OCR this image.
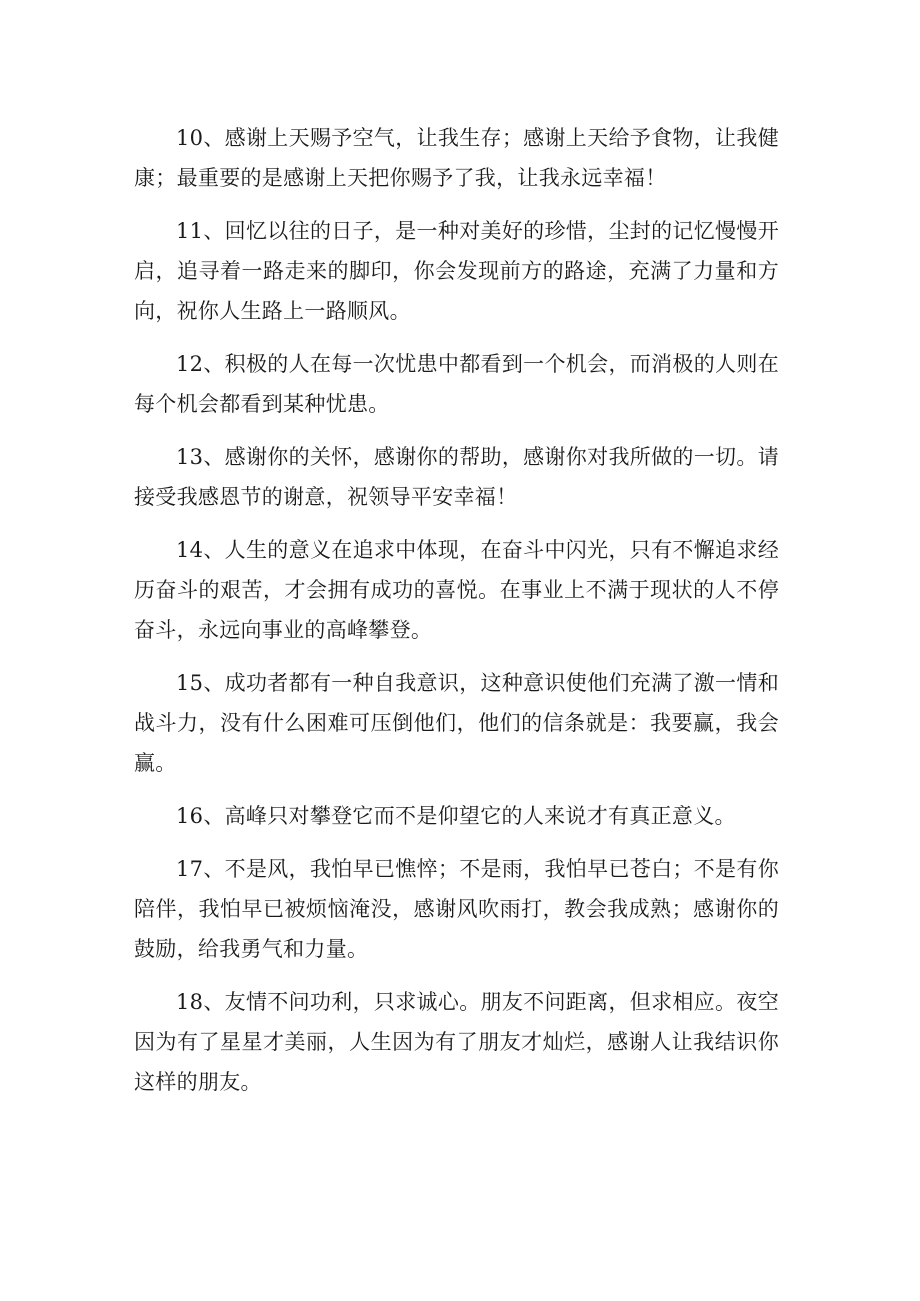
10、感谢上天赐予空气，让我生存；感谢上天给予食物，让我健康；最重要的是感谢上天把你赐予了我，让我永远幸福！

11、回忆以往的日子，是一种对美好的珍惜，尘封的记忆慢慢开启，追寻着一路走来的脚印，你会发现前方的路途，充满了力量和方向，祝你人生路上一路顺风。

12、积极的人在每一次忧患中都看到一个机会，而消极的人则在每个机会都看到某种忧患。

13、感谢你的关怀，感谢你的帮助，感谢你对我所做的一切。请接受我感恩节的谢意，祝领导平安幸福！

14、人生的意义在追求中体现，在奋斗中闪光，只有不懈追求经历奋斗的艰苦，才会拥有成功的喜悦。在事业上不满于现状的人不停奋斗，永远向事业的高峰攀登。

15、成功者都有一种自我意识，这种意识使他们充满了激一情和战斗力，没有什么困难可压倒他们，他们的信条就是：我要赢，我会赢。

16、高峰只对攀登它而不是仰望它的人来说才有真正意义。

17、不是风，我怕早已憔悴；不是雨，我怕早已苍白；不是有你陪伴，我怕早已被烦恼淹没，感谢风吹雨打，教会我成熟；感谢你的鼓励，给我勇气和力量。

18、友情不问功利，只求诚心。朋友不问距离，但求相应。夜空因为有了星星才美丽，人生因为有了朋友才灿烂，感谢人让我结识你这样的朋友。
